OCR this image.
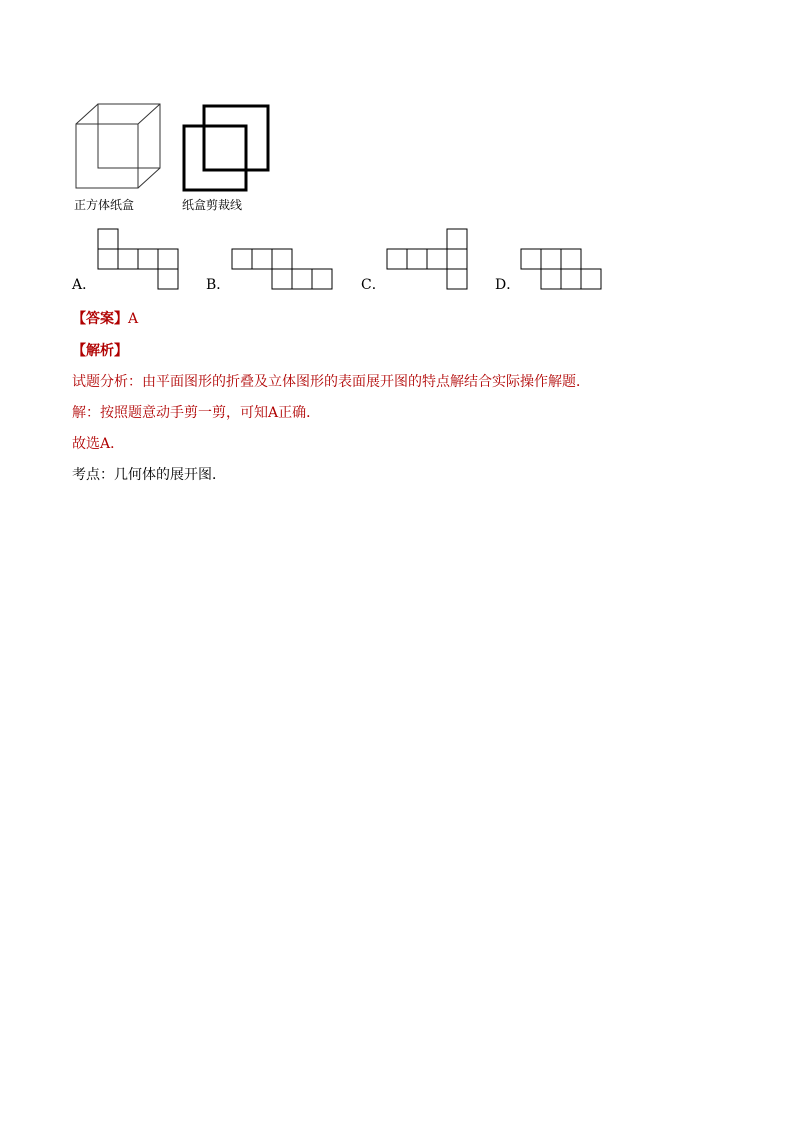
正方体纸盒	纸盒剪裁线
A．	B．	C．	D．
【答案】A
【解析】
试题分析：由平面图形的折叠及立体图形的表面展开图的特点解结合实际操作解题．
解：按照题意动手剪一剪，可知A正确．
故选A．
考点：几何体的展开图．
